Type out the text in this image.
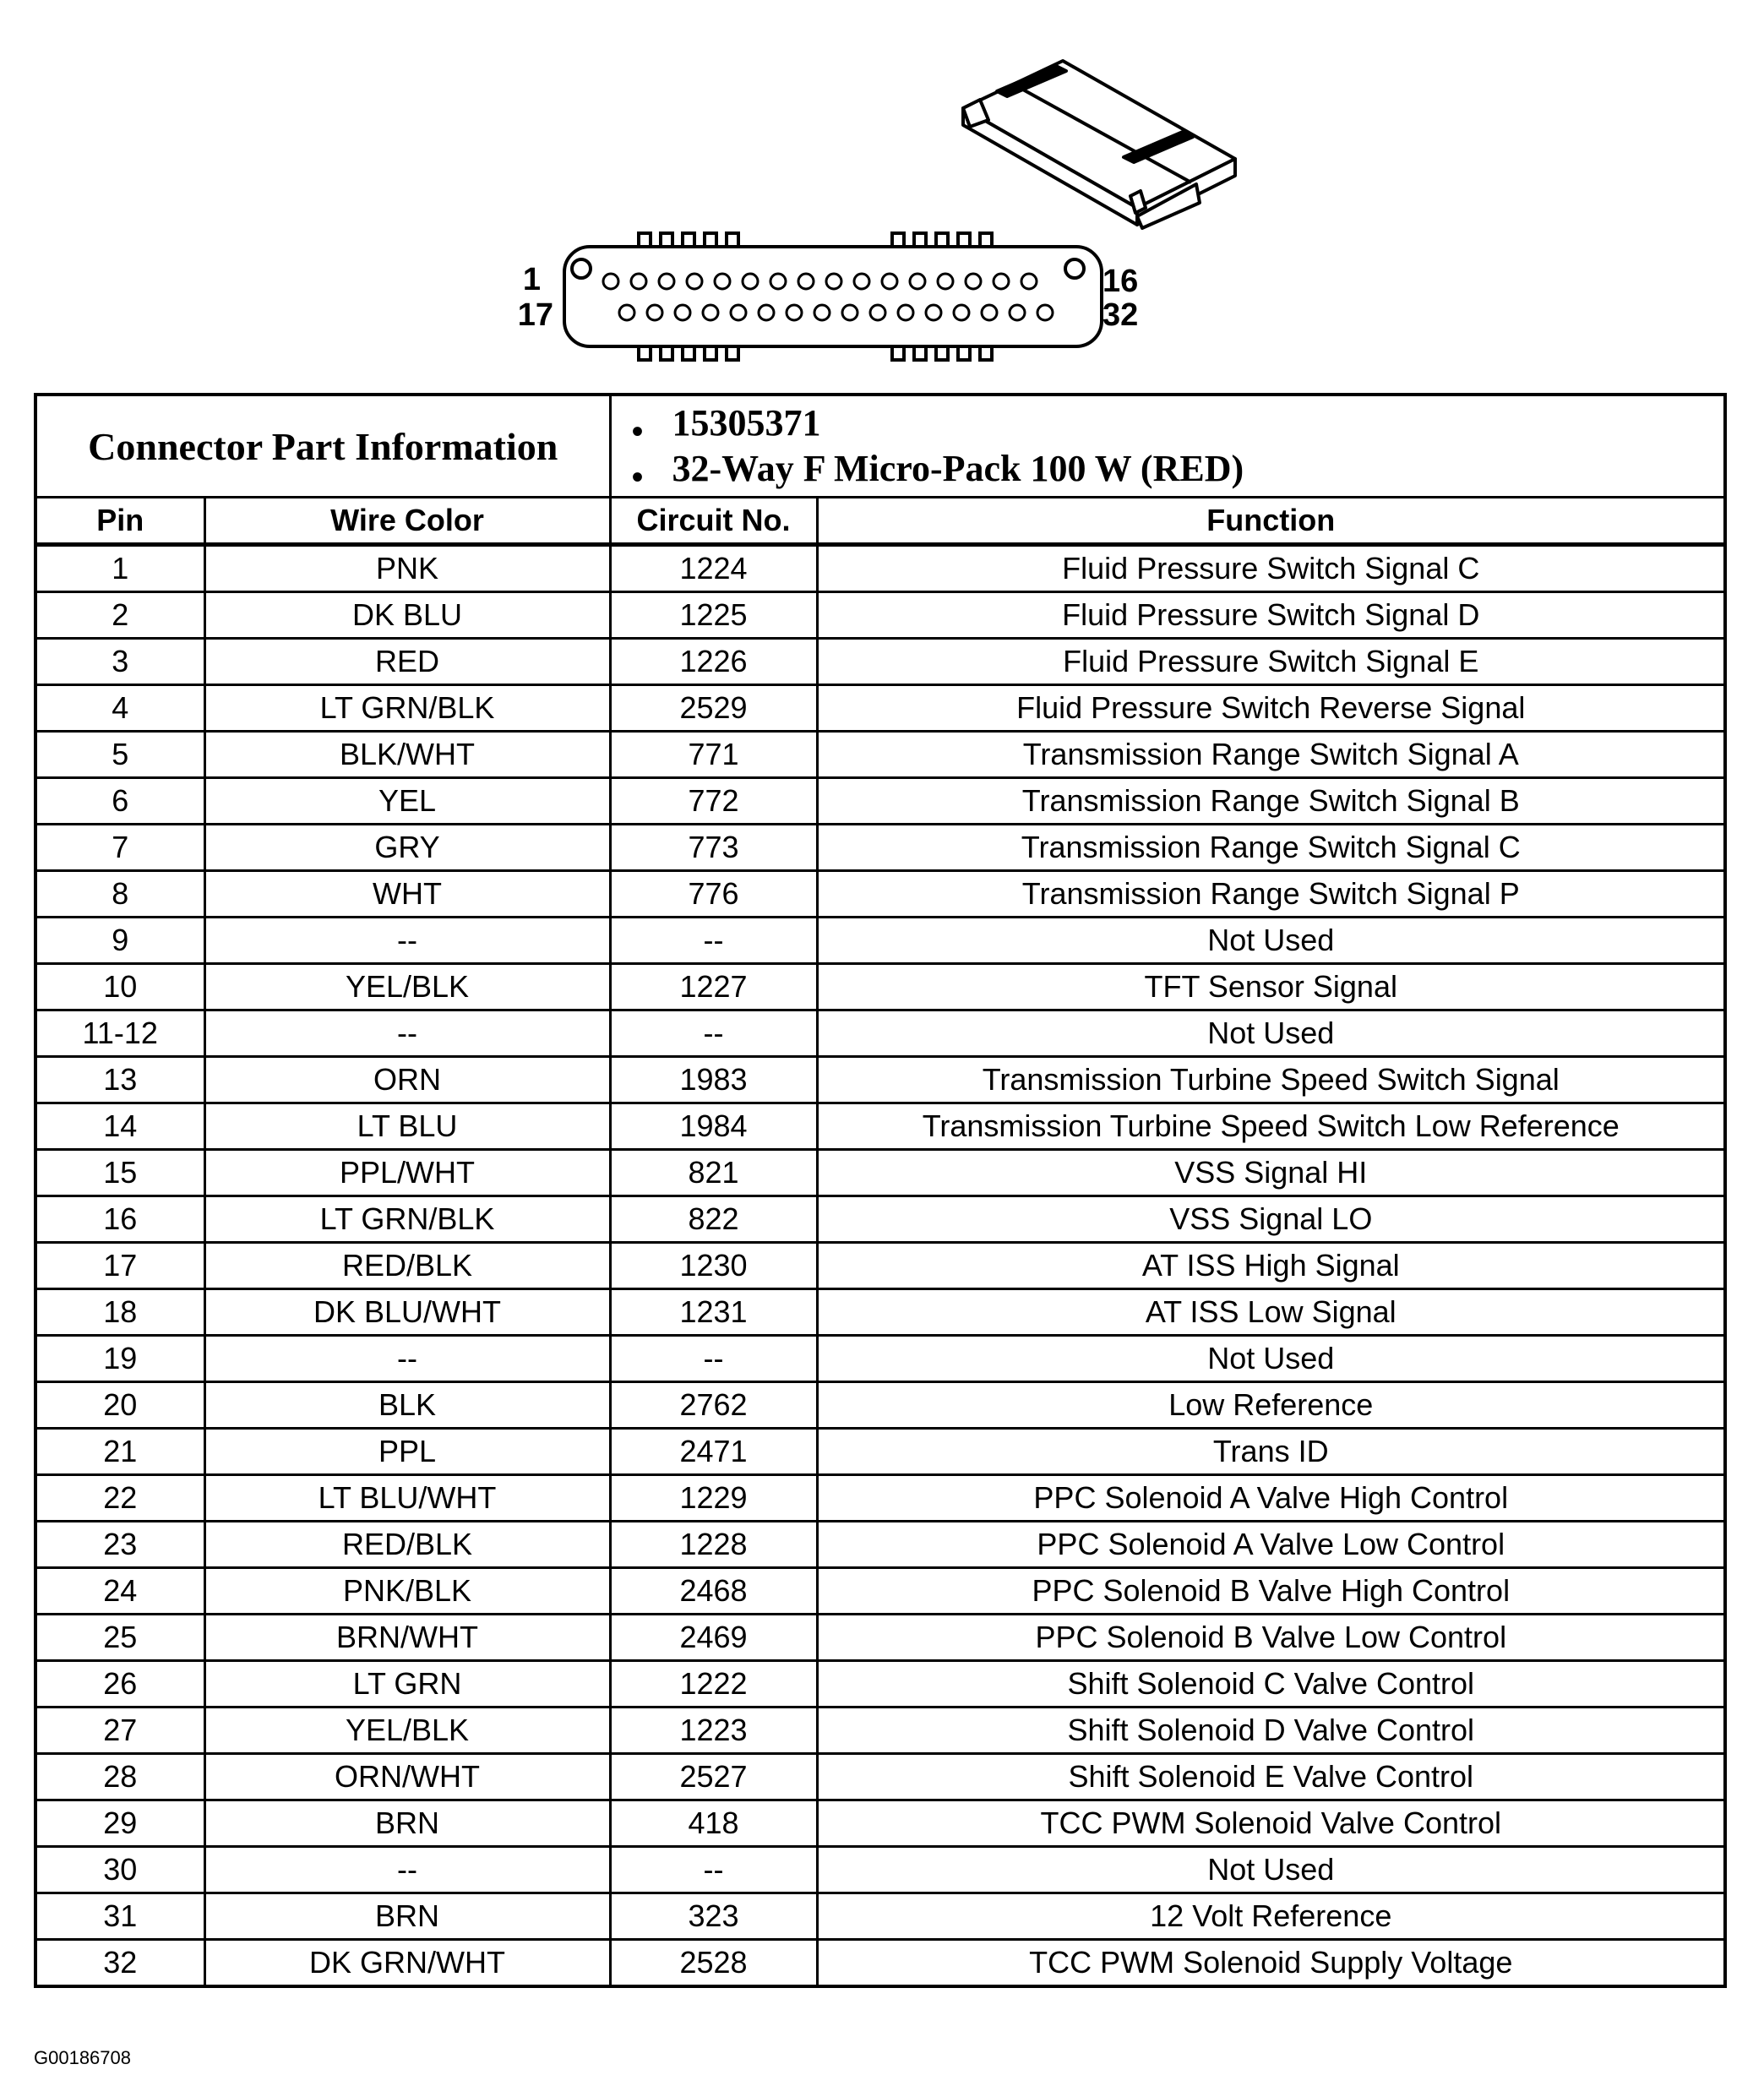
1
17
16
32
Connector Part Information		• 15305371
• 32-Way F Micro-Pack 100 W (RED)

Pin	Wire Color	Circuit No.	Function
1	PNK	1224	Fluid Pressure Switch Signal C
2	DK BLU	1225	Fluid Pressure Switch Signal D
3	RED	1226	Fluid Pressure Switch Signal E
4	LT GRN/BLK	2529	Fluid Pressure Switch Reverse Signal
5	BLK/WHT	771	Transmission Range Switch Signal A
6	YEL	772	Transmission Range Switch Signal B
7	GRY	773	Transmission Range Switch Signal C
8	WHT	776	Transmission Range Switch Signal P
9	--	--	Not Used
10	YEL/BLK	1227	TFT Sensor Signal
11-12	--	--	Not Used
13	ORN	1983	Transmission Turbine Speed Switch Signal
14	LT BLU	1984	Transmission Turbine Speed Switch Low Reference
15	PPL/WHT	821	VSS Signal HI
16	LT GRN/BLK	822	VSS Signal LO
17	RED/BLK	1230	AT ISS High Signal
18	DK BLU/WHT	1231	AT ISS Low Signal
19	--	--	Not Used
20	BLK	2762	Low Reference
21	PPL	2471	Trans ID
22	LT BLU/WHT	1229	PPC Solenoid A Valve High Control
23	RED/BLK	1228	PPC Solenoid A Valve Low Control
24	PNK/BLK	2468	PPC Solenoid B Valve High Control
25	BRN/WHT	2469	PPC Solenoid B Valve Low Control
26	LT GRN	1222	Shift Solenoid C Valve Control
27	YEL/BLK	1223	Shift Solenoid D Valve Control
28	ORN/WHT	2527	Shift Solenoid E Valve Control
29	BRN	418	TCC PWM Solenoid Valve Control
30	--	--	Not Used
31	BRN	323	12 Volt Reference
32	DK GRN/WHT	2528	TCC PWM Solenoid Supply Voltage
G00186708
